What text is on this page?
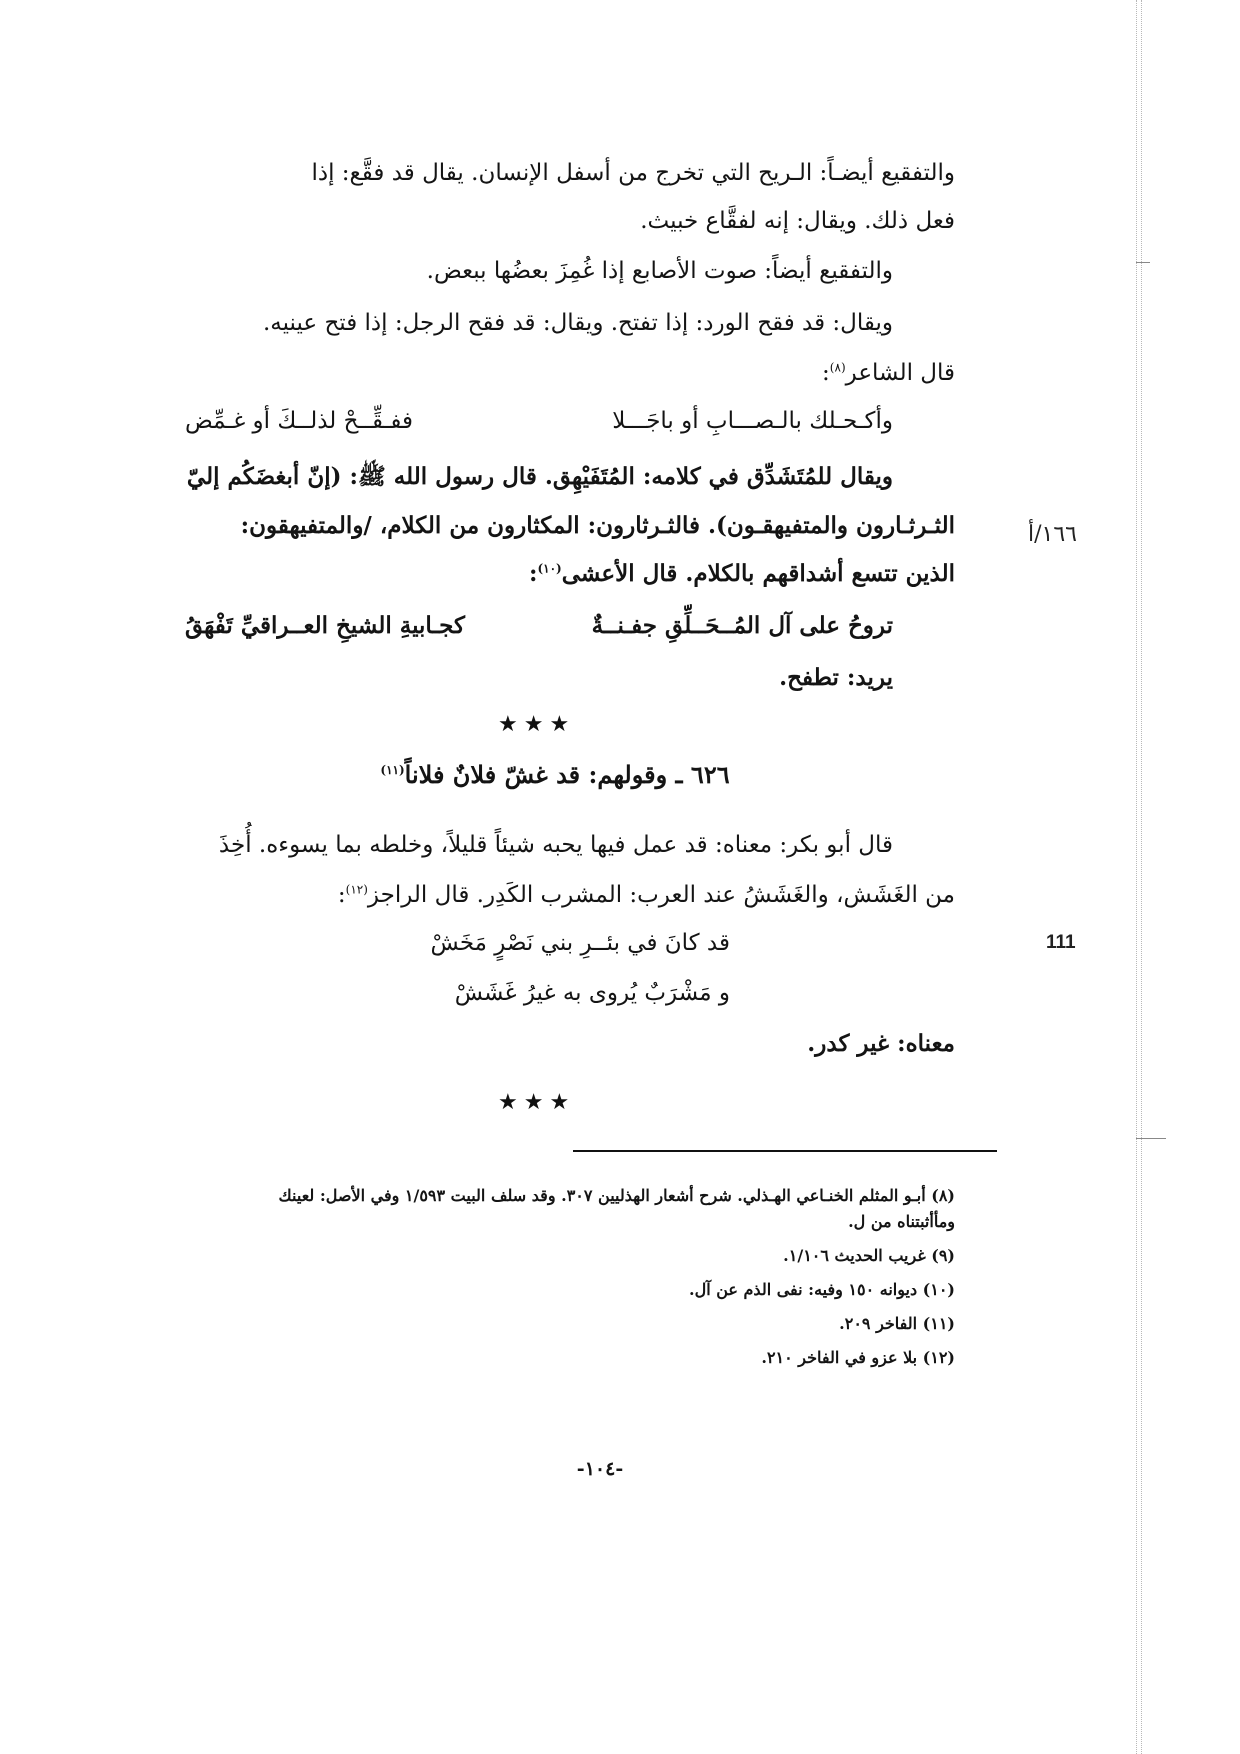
والتفقيع أيضـاً: الـريح التي تخرج من أسفل الإنسان. يقال قد فقَّع: إذا
فعل ذلك. ويقال: إنه لفقَّاع خبيث.
والتفقيع أيضاً: صوت الأصابع إذا غُمِزَ بعضُها ببعض.
ويقال: قد فقح الورد: إذا تفتح. ويقال: قد فقح الرجل: إذا فتح عينيه.
قال الشاعر$^{(٨)}$:
وأكـحـلك بالـصـــابِ أو باجَـــلا
ففـقِّــحْ لذلــكَ أو غـمِّض
ويقال للمُتَشَدِّق في كلامه: المُتَفَيْهِق. قال رسول الله ﷺ: (إنّ أبغضَكُم إليّ
الثـرثـارون والمتفيهقـون). فالثـرثارون: المكثارون من الكلام، /والمتفيهقون:
الذين تتسع أشداقهم بالكلام. قال الأعشى$^{(١٠)}$:
تروحُ على آل المُــحَــلِّقِ جفـنــةٌ
كجـابيةِ الشيخِ العــراقيِّ تَفْهَقُ
يريد: تطفح.
★★★
٦٢٦ ـ وقولهم: قد غشّ فلانٌ فلاناً$^{(١١)}$
قال أبو بكر: معناه: قد عمل فيها يحبه شيئاً قليلاً، وخلطه بما يسوءه. أُخِذَ
من الغَشَش، والغَشَشُ عند العرب: المشرب الكَدِر. قال الراجز$^{(١٢)}$:
قد كانَ في بئــرِ بني نَصْرٍ مَخَشْ
و مَشْرَبٌ يُروى به غيرُ غَشَشْ
معناه: غير كدر.
★★★
١٦٦/أ
111
(٨) أبـو المثلم الخنـاعي الهـذلي. شرح أشعار الهذليين ٣٠٧. وقد سلف البيت ١/٥٩٣ وفي الأصل: لعينك
ومأأثبتناه من ل.
(٩) غريب الحديث ١/١٠٦.
(١٠) ديوانه ١٥٠ وفيه: نفى الذم عن آل.
(١١) الفاخر ٢٠٩.
(١٢) بلا عزو في الفاخر ٢١٠.
-١٠٤-
